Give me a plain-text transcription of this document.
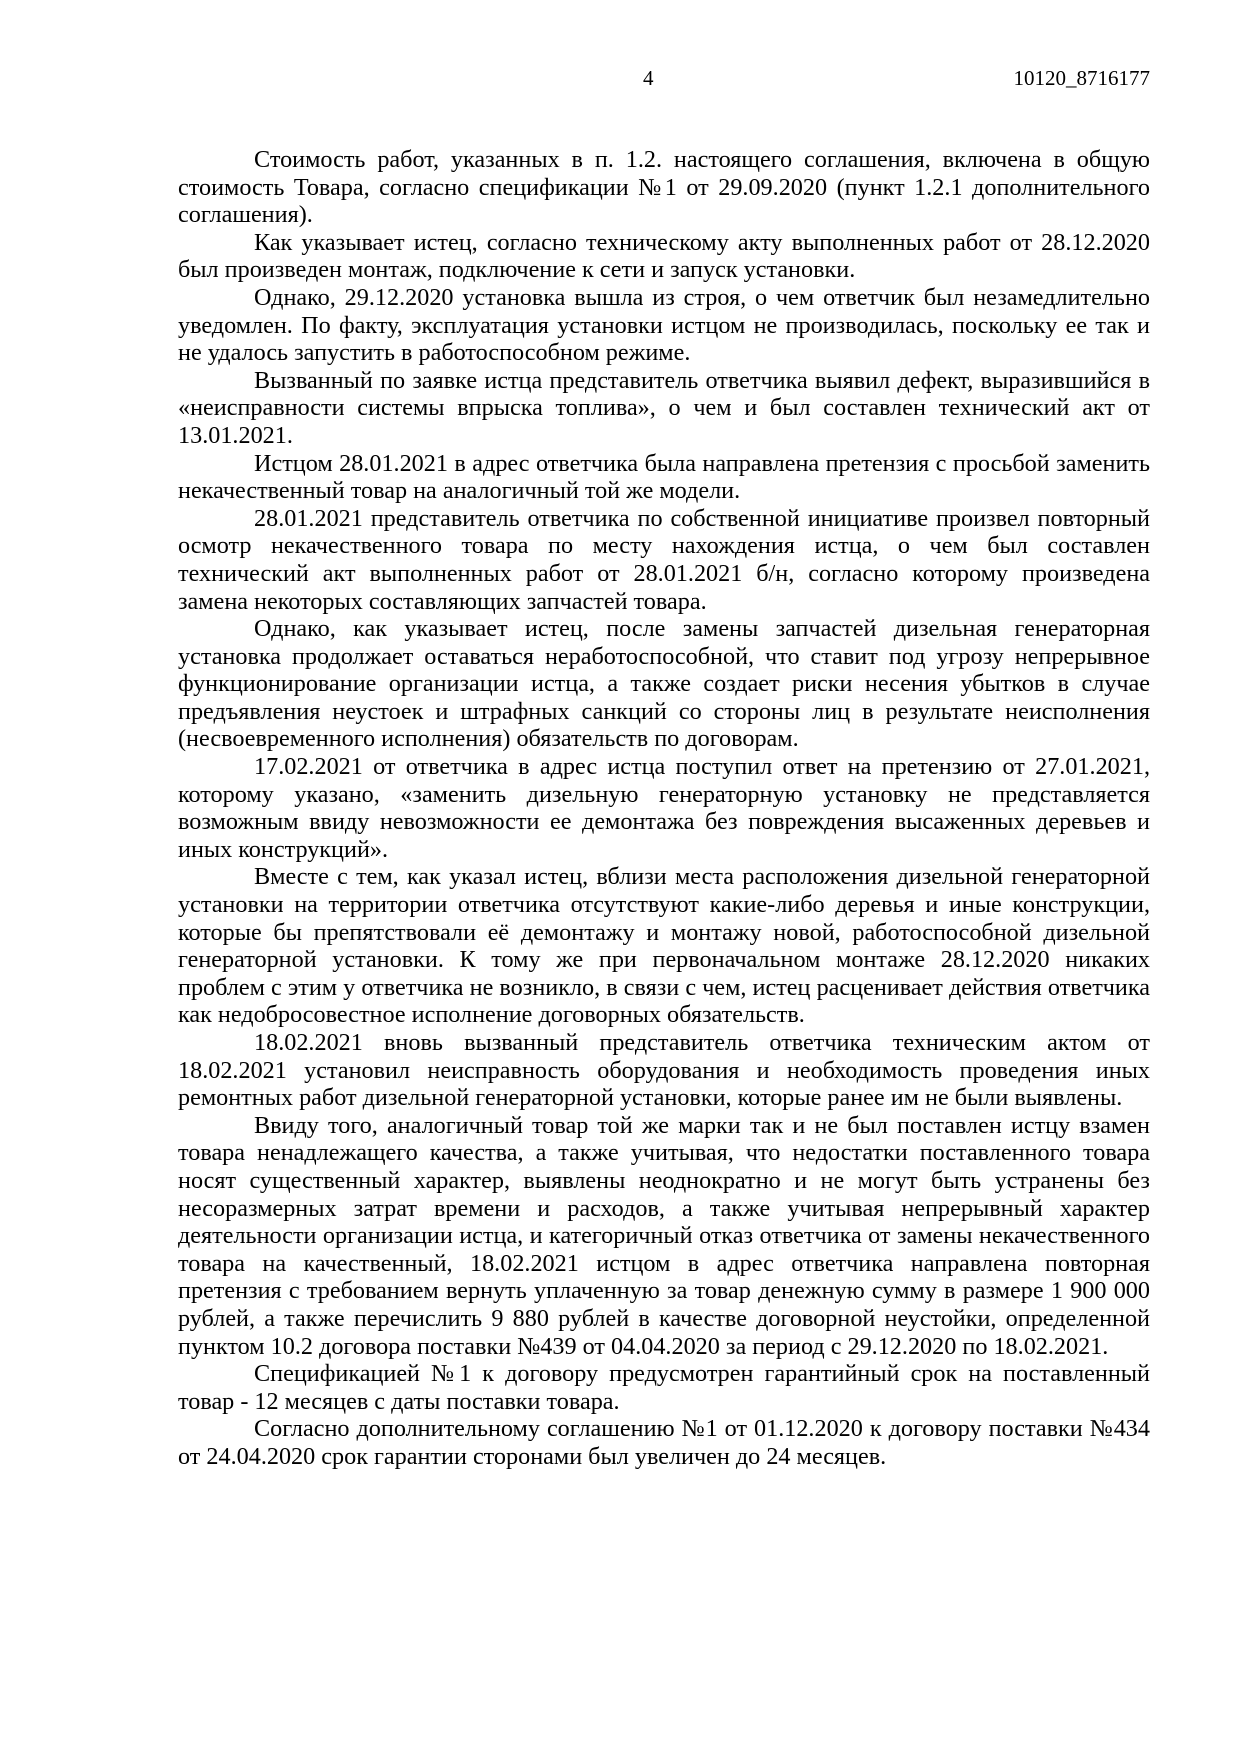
4	10120_8716177

Стоимость работ, указанных в п. 1.2. настоящего соглашения, включена в общую стоимость Товара, согласно спецификации №1 от 29.09.2020 (пункт 1.2.1 дополнительного соглашения).

Как указывает истец, согласно техническому акту выполненных работ от 28.12.2020 был произведен монтаж, подключение к сети и запуск установки.

Однако, 29.12.2020 установка вышла из строя, о чем ответчик был незамедлительно уведомлен. По факту, эксплуатация установки истцом не производилась, поскольку ее так и не удалось запустить в работоспособном режиме.

Вызванный по заявке истца представитель ответчика выявил дефект, выразившийся в «неисправности системы впрыска топлива», о чем и был составлен технический акт от 13.01.2021.

Истцом 28.01.2021 в адрес ответчика была направлена претензия с просьбой заменить некачественный товар на аналогичный той же модели.

28.01.2021 представитель ответчика по собственной инициативе произвел повторный осмотр некачественного товара по месту нахождения истца, о чем был составлен технический акт выполненных работ от 28.01.2021 б/н, согласно которому произведена замена некоторых составляющих запчастей товара.

Однако, как указывает истец, после замены запчастей дизельная генераторная установка продолжает оставаться неработоспособной, что ставит под угрозу непрерывное функционирование организации истца, а также создает риски несения убытков в случае предъявления неустоек и штрафных санкций со стороны лиц в результате неисполнения (несвоевременного исполнения) обязательств по договорам.

17.02.2021 от ответчика в адрес истца поступил ответ на претензию от 27.01.2021, которому указано, «заменить дизельную генераторную установку не представляется возможным ввиду невозможности ее демонтажа без повреждения высаженных деревьев и иных конструкций».

Вместе с тем, как указал истец, вблизи места расположения дизельной генераторной установки на территории ответчика отсутствуют какие-либо деревья и иные конструкции, которые бы препятствовали её демонтажу и монтажу новой, работоспособной дизельной генераторной установки. К тому же при первоначальном монтаже 28.12.2020 никаких проблем с этим у ответчика не возникло, в связи с чем, истец расценивает действия ответчика как недобросовестное исполнение договорных обязательств.

18.02.2021 вновь вызванный представитель ответчика техническим актом от 18.02.2021 установил неисправность оборудования и необходимость проведения иных ремонтных работ дизельной генераторной установки, которые ранее им не были выявлены.

Ввиду того, аналогичный товар той же марки так и не был поставлен истцу взамен товара ненадлежащего качества, а также учитывая, что недостатки поставленного товара носят существенный характер, выявлены неоднократно и не могут быть устранены без несоразмерных затрат времени и расходов, а также учитывая непрерывный характер деятельности организации истца, и категоричный отказ ответчика от замены некачественного товара на качественный, 18.02.2021 истцом в адрес ответчика направлена повторная претензия с требованием вернуть уплаченную за товар денежную сумму в размере 1 900 000 рублей, а также перечислить 9 880 рублей в качестве договорной неустойки, определенной пунктом 10.2 договора поставки №439 от 04.04.2020 за период с 29.12.2020 по 18.02.2021.

Спецификацией №1 к договору предусмотрен гарантийный срок на поставленный товар - 12 месяцев с даты поставки товара.

Согласно дополнительному соглашению №1 от 01.12.2020 к договору поставки №434 от 24.04.2020 срок гарантии сторонами был увеличен до 24 месяцев.
